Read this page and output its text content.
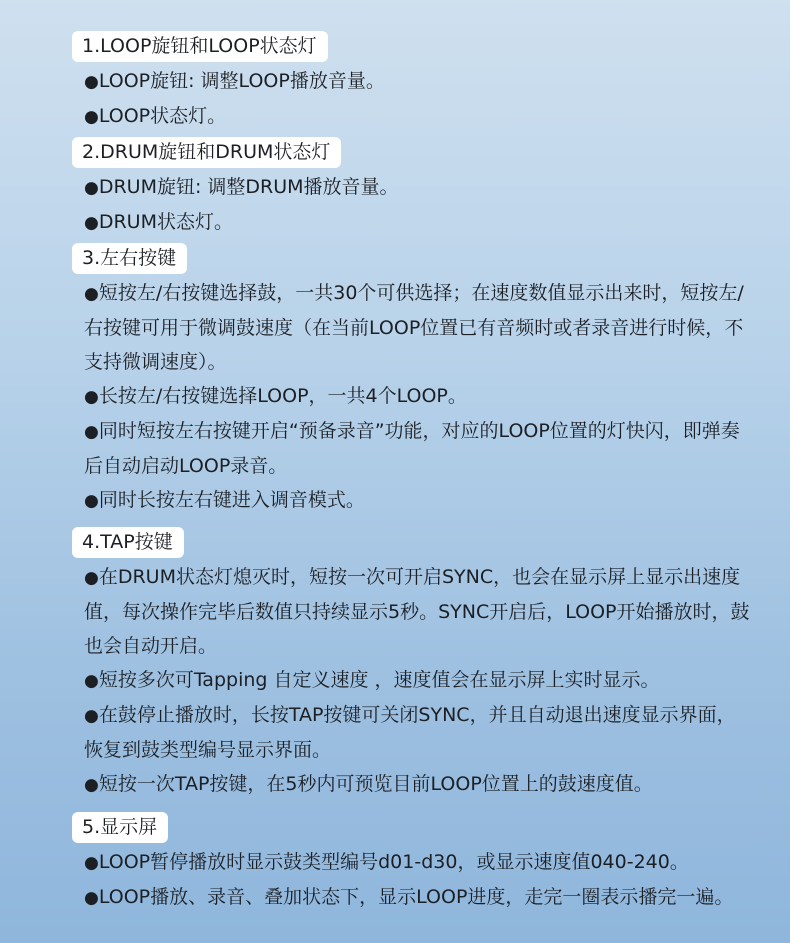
1.LOOP旋钮和LOOP状态灯
●LOOP旋钮: 调整LOOP播放音量。
●LOOP状态灯。
2.DRUM旋钮和DRUM状态灯
●DRUM旋钮: 调整DRUM播放音量。
●DRUM状态灯。
3.左右按键
●短按左/右按键选择鼓，一共30个可供选择；在速度数值显示出来时，短按左/右按键可用于微调鼓速度（在当前LOOP位置已有音频时或者录音进行时候，不支持微调速度）。
●长按左/右按键选择LOOP，一共4个LOOP。
●同时短按左右按键开启“预备录音”功能，对应的LOOP位置的灯快闪，即弹奏后自动启动LOOP录音。
●同时长按左右键进入调音模式。
4.TAP按键
●在DRUM状态灯熄灭时，短按一次可开启SYNC，也会在显示屏上显示出速度值，每次操作完毕后数值只持续显示5秒。SYNC开启后，LOOP开始播放时，鼓也会自动开启。
●短按多次可Tapping 自定义速度 ，速度值会在显示屏上实时显示。
●在鼓停止播放时，长按TAP按键可关闭SYNC，并且自动退出速度显示界面，恢复到鼓类型编号显示界面。
●短按一次TAP按键，在5秒内可预览目前LOOP位置上的鼓速度值。
5.显示屏
●LOOP暂停播放时显示鼓类型编号d01-d30，或显示速度值040-240。
●LOOP播放、录音、叠加状态下，显示LOOP进度，走完一圈表示播完一遍。
